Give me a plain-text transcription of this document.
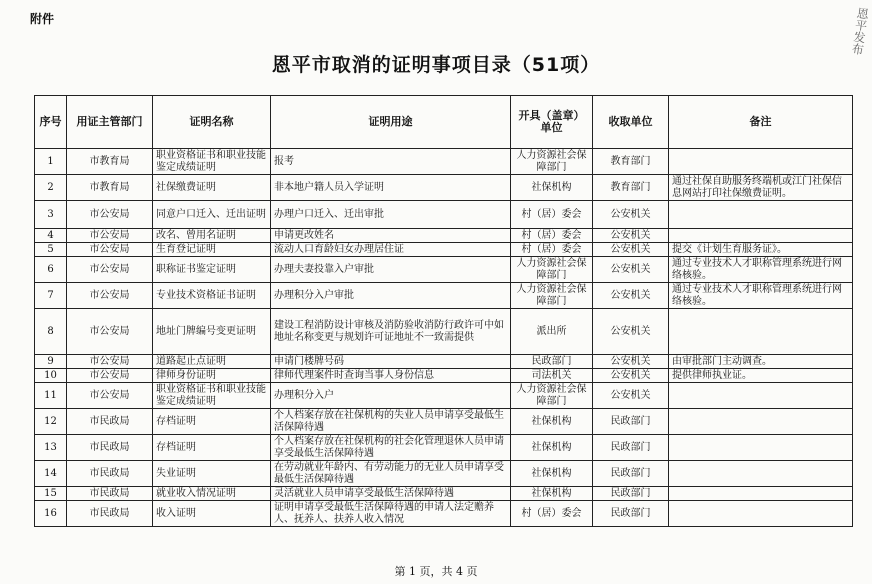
附件
恩平市取消的证明事项目录（51项）
恩平发布
序号	用证主管部门	证明名称	证明用途	开具（盖章）单位	收取单位	备注
1	市教育局	职业资格证书和职业技能鉴定成绩证明	报考	人力资源社会保障部门	教育部门	
2	市教育局	社保缴费证明	非本地户籍人员入学证明	社保机构	教育部门	通过社保自助服务终端机或江门社保信息网站打印社保缴费证明。
3	市公安局	同意户口迁入、迁出证明	办理户口迁入、迁出审批	村（居）委会	公安机关	
4	市公安局	改名、曾用名证明	申请更改姓名	村（居）委会	公安机关	
5	市公安局	生育登记证明	流动人口育龄妇女办理居住证	村（居）委会	公安机关	提交《计划生育服务证》。
6	市公安局	职称证书鉴定证明	办理夫妻投靠入户审批	人力资源社会保障部门	公安机关	通过专业技术人才职称管理系统进行网络核验。
7	市公安局	专业技术资格证书证明	办理积分入户审批	人力资源社会保障部门	公安机关	通过专业技术人才职称管理系统进行网络核验。
8	市公安局	地址门牌编号变更证明	建设工程消防设计审核及消防验收消防行政许可中如地址名称变更与规划许可证地址不一致需提供	派出所	公安机关	
9	市公安局	道路起止点证明	申请门楼牌号码	民政部门	公安机关	由审批部门主动调查。
10	市公安局	律师身份证明	律师代理案件时查询当事人身份信息	司法机关	公安机关	提供律师执业证。
11	市公安局	职业资格证书和职业技能鉴定成绩证明	办理积分入户	人力资源社会保障部门	公安机关	
12	市民政局	存档证明	个人档案存放在社保机构的失业人员申请享受最低生活保障待遇	社保机构	民政部门	
13	市民政局	存档证明	个人档案存放在社保机构的社会化管理退休人员申请享受最低生活保障待遇	社保机构	民政部门	
14	市民政局	失业证明	在劳动就业年龄内、有劳动能力的无业人员申请享受最低生活保障待遇	社保机构	民政部门	
15	市民政局	就业收入情况证明	灵活就业人员申请享受最低生活保障待遇	社保机构	民政部门	
16	市民政局	收入证明	证明申请享受最低生活保障待遇的申请人法定赡养人、抚养人、扶养人收入情况	村（居）委会	民政部门	
第 1 页，共 4 页
